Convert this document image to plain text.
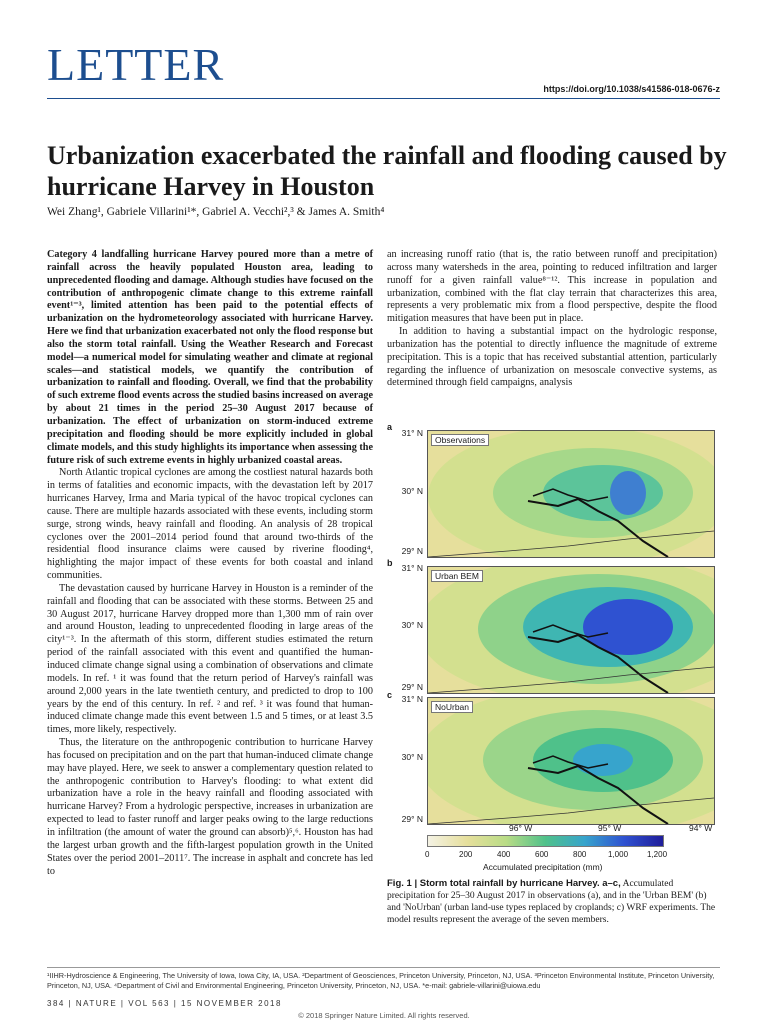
LETTER	https://doi.org/10.1038/s41586-018-0676-z
Urbanization exacerbated the rainfall and flooding caused by hurricane Harvey in Houston
Wei Zhang¹, Gabriele Villarini¹*, Gabriel A. Vecchi²,³ & James A. Smith⁴

Category 4 landfalling hurricane Harvey poured more than a metre of rainfall across the heavily populated Houston area, leading to unprecedented flooding and damage. Although studies have focused on the contribution of anthropogenic climate change to this extreme rainfall event¹⁻³, limited attention has been paid to the potential effects of urbanization on the hydrometeorology associated with hurricane Harvey. Here we find that urbanization exacerbated not only the flood response but also the storm total rainfall. Using the Weather Research and Forecast model—a numerical model for simulating weather and climate at regional scales—and statistical models, we quantify the contribution of urbanization to rainfall and flooding. Overall, we find that the probability of such extreme flood events across the studied basins increased on average by about 21 times in the period 25–30 August 2017 because of urbanization. The effect of urbanization on storm-induced extreme precipitation and flooding should be more explicitly included in global climate models, and this study highlights its importance when assessing the future risk of such extreme events in highly urbanized coastal areas.

North Atlantic tropical cyclones are among the costliest natural hazards both in terms of fatalities and economic impacts, with the devastation left by 2017 hurricanes Harvey, Irma and Maria typical of the havoc tropical cyclones can cause. There are multiple hazards associated with these events, including storm surge, strong winds, heavy rainfall and flooding. An analysis of 28 tropical cyclones over the 2001–2014 period found that around two-thirds of the residential flood insurance claims were caused by riverine flooding⁴, highlighting the major impact of these events for both coastal and inland communities.

The devastation caused by hurricane Harvey in Houston is a reminder of the rainfall and flooding that can be associated with these storms. Between 25 and 30 August 2017, hurricane Harvey dropped more than 1,300 mm of rain over and around Houston, leading to unprecedented flooding in large areas of the city¹⁻³. In the aftermath of this storm, different studies estimated the return period of the rainfall associated with this event and quantified the human-induced climate change signal using a combination of observations and climate models. In ref. ¹ it was found that the return period of Harvey's rainfall was around 2,000 years in the late twentieth century, and predicted to drop to 100 years by the end of this century. In ref. ² and ref. ³ it was found that human-induced climate change made this event between 1.5 and 5 times, or at least 3.5 times, more likely, respectively.

Thus, the literature on the anthropogenic contribution to hurricane Harvey has focused on precipitation and on the part that human-induced climate change may have played. Here, we seek to answer a complementary question related to the anthropogenic contribution to Harvey's flooding: to what extent did urbanization have a role in the heavy rainfall and flooding associated with hurricane Harvey? From a hydrologic perspective, increases in urbanization are expected to lead to faster runoff and larger peaks owing to the large reductions in infiltration (the amount of water the ground can absorb)⁵,⁶. Houston has had the largest urban growth and the fifth-largest population growth in the United States over the period 2001–2011⁷. The increase in asphalt and concrete has led to

an increasing runoff ratio (that is, the ratio between runoff and precipitation) across many watersheds in the area, pointing to reduced infiltration and larger runoff for a given rainfall value⁸⁻¹². This increase in population and urbanization, combined with the flat clay terrain that characterizes this area, represents a very problematic mix from a flood perspective, despite the flood mitigation measures that have been put in place.

In addition to having a substantial impact on the hydrologic response, urbanization has the potential to directly influence the magnitude of extreme precipitation. This is a topic that has received substantial attention, particularly regarding the influence of urbanization on mesoscale convective systems, as determined through field campaigns, analysis

a
Observations
31° N
30° N
29° N
b
Urban BEM
31° N
30° N
29° N
c
NoUrban
31° N
30° N
29° N
96° W	95° W	94° W
0	200	400	600	800	1,000 1,200
Accumulated precipitation (mm)
Fig. 1 | Storm total rainfall by hurricane Harvey. a–c, Accumulated precipitation for 25–30 August 2017 in observations (a), and in the 'Urban BEM' (b) and 'NoUrban' (urban land-use types replaced by croplands; c) WRF experiments. The model results represent the average of the seven members.
¹IIHR-Hydroscience & Engineering, The University of Iowa, Iowa City, IA, USA. ²Department of Geosciences, Princeton University, Princeton, NJ, USA. ³Princeton Environmental Institute, Princeton University, Princeton, NJ, USA. ⁴Department of Civil and Environmental Engineering, Princeton University, Princeton, NJ, USA. *e-mail: gabriele-villarini@uiowa.edu
384 | NATURE | VOL 563 | 15 NOVEMBER 2018
© 2018 Springer Nature Limited. All rights reserved.
